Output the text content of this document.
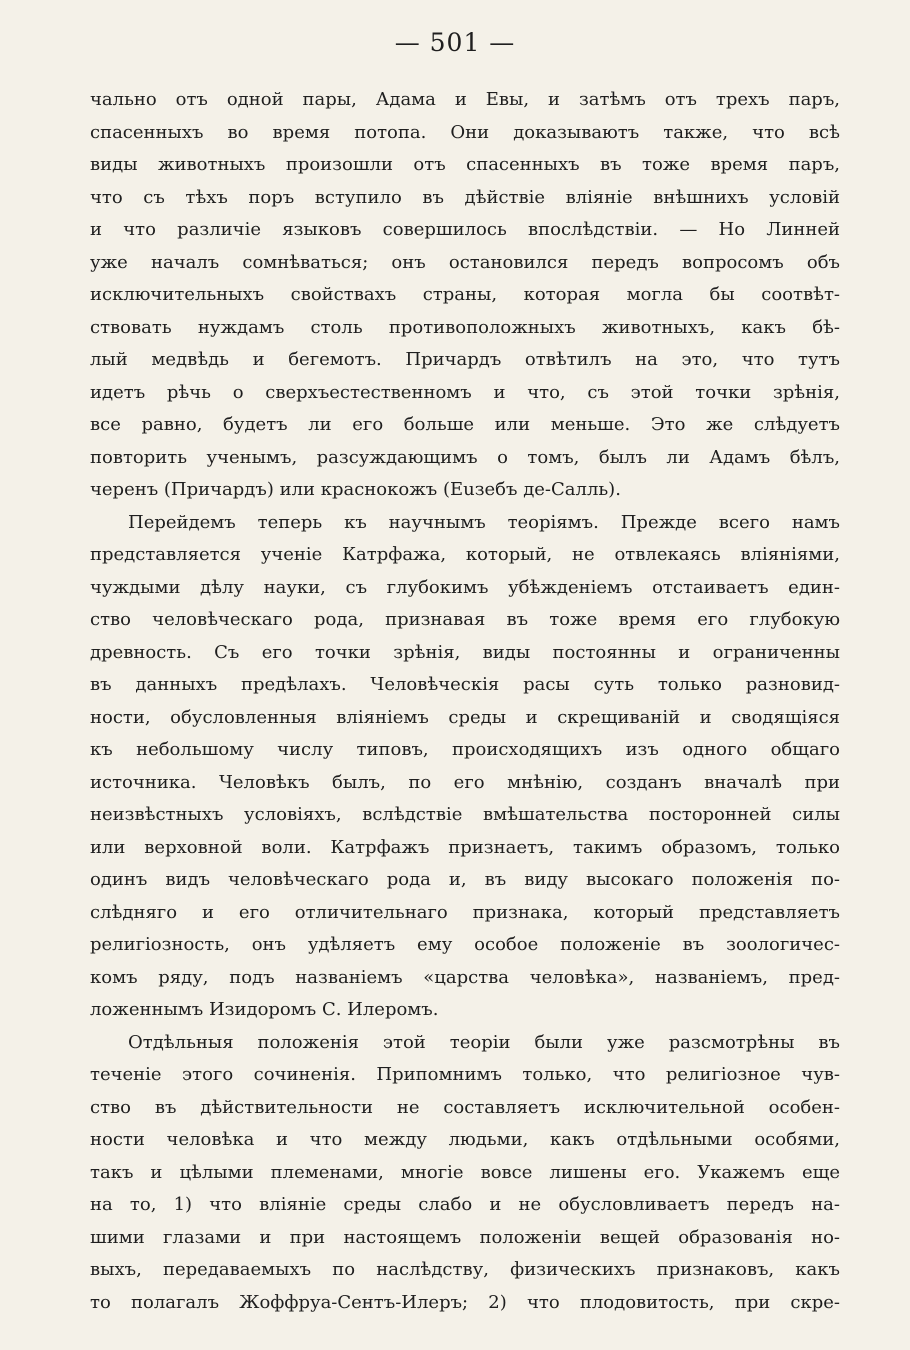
— 501 —
чально отъ одной пары, Адама и Евы, и затѣмъ отъ трехъ паръ,
спасенныхъ во время потопа. Они доказываютъ также, что всѣ
виды животныхъ произошли отъ спасенныхъ въ тоже время паръ,
что съ тѣхъ поръ вступило въ дѣйствіе вліяніе внѣшнихъ условій
и что различіе языковъ совершилось впослѣдствіи. — Но Линней
уже началъ сомнѣваться; онъ остановился передъ вопросомъ объ
исключительныхъ свойствахъ страны, которая могла бы соотвѣт-
ствовать нуждамъ столь противоположныхъ животныхъ, какъ бѣ-
лый медвѣдь и бегемотъ. Причардъ отвѣтилъ на это, что тутъ
идетъ рѣчь о сверхъестественномъ и что, съ этой точки зрѣнія,
все равно, будетъ ли его больше или меньше. Это же слѣдуетъ
повторить ученымъ, разсуждающимъ о томъ, былъ ли Адамъ бѣлъ,
черенъ (Причардъ) или краснокожъ (Euзебъ де-Салль).
Перейдемъ теперь къ научнымъ теоріямъ. Прежде всего намъ
представляется ученіе Катрфажа, который, не отвлекаясь вліяніями,
чуждыми дѣлу науки, съ глубокимъ убѣжденіемъ отстаиваетъ един-
ство человѣческаго рода, признавая въ тоже время его глубокую
древность. Съ его точки зрѣнія, виды постоянны и ограниченны
въ данныхъ предѣлахъ. Человѣческія расы суть только разновид-
ности, обусловленныя вліяніемъ среды и скрещиваній и сводящіяся
къ небольшому числу типовъ, происходящихъ изъ одного общаго
источника. Человѣкъ былъ, по его мнѣнію, созданъ вначалѣ при
неизвѣстныхъ условіяхъ, вслѣдствіе вмѣшательства посторонней силы
или верховной воли. Катрфажъ признаетъ, такимъ образомъ, только
одинъ видъ человѣческаго рода и, въ виду высокаго положенія по-
слѣдняго и его отличительнаго признака, который представляетъ
религіозность, онъ удѣляетъ ему особое положеніе въ зоологичес-
комъ ряду, подъ названіемъ «царства человѣка», названіемъ, пред-
ложеннымъ Изидоромъ С. Илеромъ.
Отдѣльныя положенія этой теоріи были уже разсмотрѣны въ
теченіе этого сочиненія. Припомнимъ только, что религіозное чув-
ство въ дѣйствительности не составляетъ исключительной особен-
ности человѣка и что между людьми, какъ отдѣльными особями,
такъ и цѣлыми племенами, многіе вовсе лишены его. Укажемъ еще
на то, 1) что вліяніе среды слабо и не обусловливаетъ передъ на-
шими глазами и при настоящемъ положеніи вещей образованія но-
выхъ, передаваемыхъ по наслѣдству, физическихъ признаковъ, какъ
то полагалъ Жоффруа-Сентъ-Илеръ; 2) что плодовитость, при скре-
